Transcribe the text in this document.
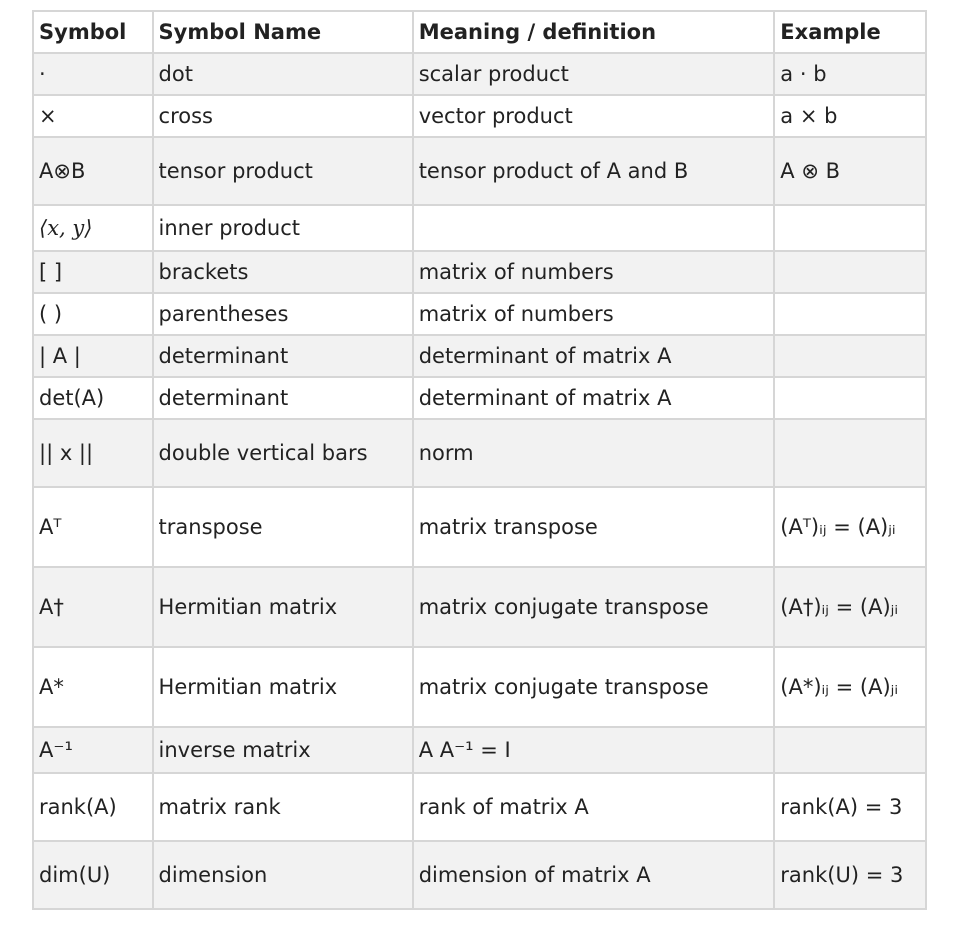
Symbol	Symbol Name	Meaning / definition	Example
·	dot	scalar product	a · b
×	cross	vector product	a × b
A⊗B	tensor product	tensor product of A and B	A ⊗ B
⟨x, y⟩	inner product		
[ ]	brackets	matrix of numbers	
( )	parentheses	matrix of numbers	
| A |	determinant	determinant of matrix A	
det(A)	determinant	determinant of matrix A	
|| x ||	double vertical bars	norm	
Aᵀ	transpose	matrix transpose	(Aᵀ)ᵢⱼ = (A)ⱼᵢ
A†	Hermitian matrix	matrix conjugate transpose	(A†)ᵢⱼ = (A)ⱼᵢ
A*	Hermitian matrix	matrix conjugate transpose	(A*)ᵢⱼ = (A)ⱼᵢ
A⁻¹	inverse matrix	A A⁻¹ = I	
rank(A)	matrix rank	rank of matrix A	rank(A) = 3
dim(U)	dimension	dimension of matrix A	rank(U) = 3
